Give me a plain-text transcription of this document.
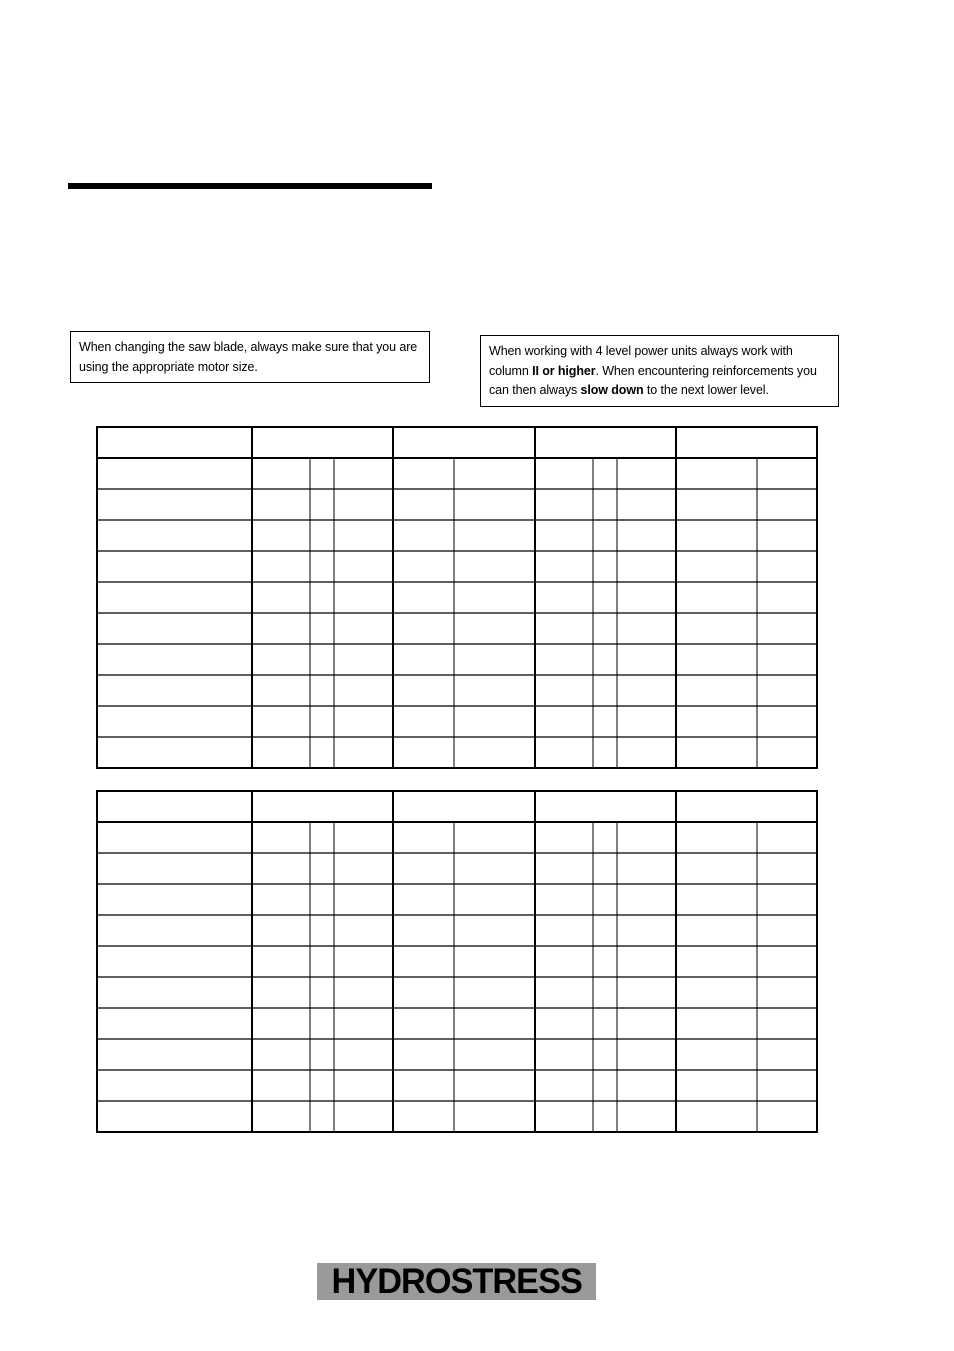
When changing the saw blade, always make sure that you are using the appropriate motor size.
When working with 4 level power units always work with column II or higher. When encountering reinforcements you can then always slow down to the next lower level.
HYDROSTRESS
